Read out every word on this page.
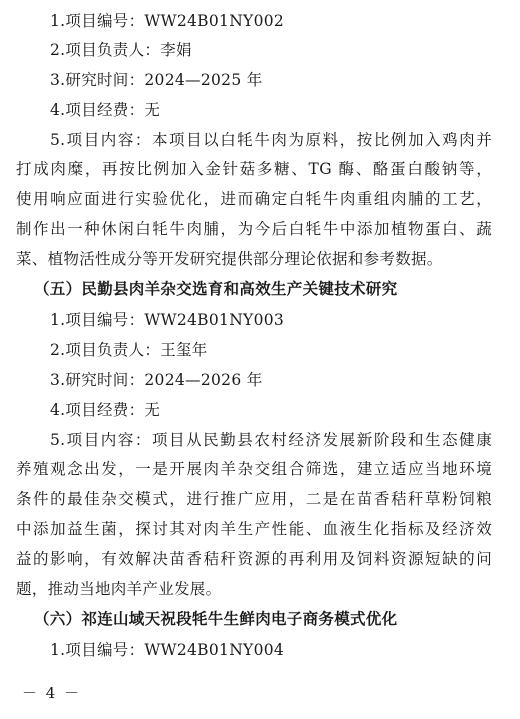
1.项目编号：WW24B01NY002
2.项目负责人：李娟
3.研究时间：2024—2025 年
4.项目经费：无
5.项目内容：本项目以白牦牛肉为原料，按比例加入鸡肉并
打成肉糜，再按比例加入金针菇多糖、TG 酶、酪蛋白酸钠等，
使用响应面进行实验优化，进而确定白牦牛肉重组肉脯的工艺，
制作出一种休闲白牦牛肉脯，为今后白牦牛中添加植物蛋白、蔬
菜、植物活性成分等开发研究提供部分理论依据和参考数据。
（五）民勤县肉羊杂交选育和高效生产关键技术研究
1.项目编号：WW24B01NY003
2.项目负责人：王玺年
3.研究时间：2024—2026 年
4.项目经费：无
5.项目内容：项目从民勤县农村经济发展新阶段和生态健康
养殖观念出发，一是开展肉羊杂交组合筛选，建立适应当地环境
条件的最佳杂交模式，进行推广应用，二是在苗香秸秆草粉饲粮
中添加益生菌，探讨其对肉羊生产性能、血液生化指标及经济效
益的影响，有效解决苗香秸秆资源的再利用及饲料资源短缺的问
题，推动当地肉羊产业发展。
（六）祁连山域天祝段牦牛生鲜肉电子商务模式优化
1.项目编号：WW24B01NY004
－ 4 －
